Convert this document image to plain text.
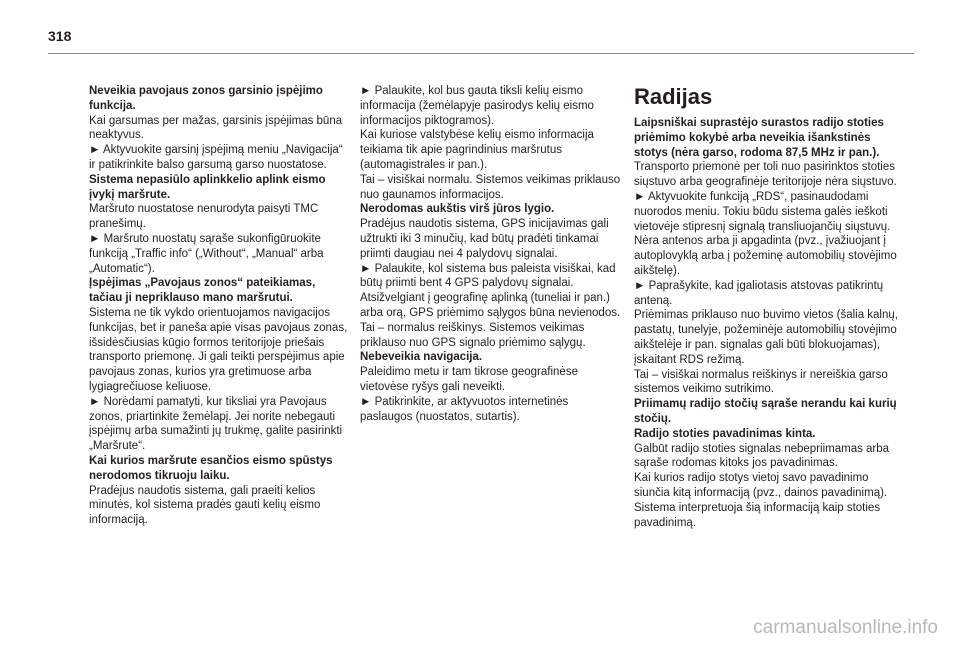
318

Neveikia pavojaus zonos garsinio įspėjimo funkcija.

Kai garsumas per mažas, garsinis įspėjimas būna neaktyvus.

► Aktyvuokite garsinį įspėjimą meniu „Navigacija“ ir patikrinkite balso garsumą garso nuostatose.

Sistema nepasiūlo aplinkkelio aplink eismo įvykį maršrute.

Maršruto nuostatose nenurodyta paisyti TMC pranešimų.

► Maršruto nuostatų sąraše sukonfigūruokite funkciją „Traffic info“ („Without“, „Manual“ arba „Automatic“).

Įspėjimas „Pavojaus zonos“ pateikiamas, tačiau ji nepriklauso mano maršrutui.

Sistema ne tik vykdo orientuojamos navigacijos funkcijas, bet ir paneša apie visas pavojaus zonas, išsidėsčiusias kūgio formos teritorijoje priešais transporto priemonę. Ji gali teikti perspėjimus apie pavojaus zonas, kurios yra gretimuose arba lygiagrečiuose keliuose.

► Norėdami pamatyti, kur tiksliai yra Pavojaus zonos, priartinkite žemėlapį. Jei norite nebegauti įspėjimų arba sumažinti jų trukmę, galite pasirinkti „Maršrute“.

Kai kurios maršrute esančios eismo spūstys nerodomos tikruoju laiku.

Pradėjus naudotis sistema, gali praeiti kelios minutės, kol sistema pradės gauti kelių eismo informaciją.

► Palaukite, kol bus gauta tiksli kelių eismo informacija (žemėlapyje pasirodys kelių eismo informacijos piktogramos).

Kai kuriose valstybėse kelių eismo informacija teikiama tik apie pagrindinius maršrutus (automagistrales ir pan.).

Tai – visiškai normalu. Sistemos veikimas priklauso nuo gaunamos informacijos.

Nerodomas aukštis virš jūros lygio.

Pradėjus naudotis sistema, GPS inicijavimas gali užtrukti iki 3 minučių, kad būtų pradėti tinkamai priimti daugiau nei 4 palydovų signalai.

► Palaukite, kol sistema bus paleista visiškai, kad būtų priimti bent 4 GPS palydovų signalai.

Atsižvelgiant į geografinę aplinką (tuneliai ir pan.) arba orą, GPS priėmimo sąlygos būna nevienodos.

Tai – normalus reiškinys. Sistemos veikimas priklauso nuo GPS signalo priėmimo sąlygų.

Nebeveikia navigacija.

Paleidimo metu ir tam tikrose geografinėse vietovėse ryšys gali neveikti.

► Patikrinkite, ar aktyvuotos internetinės paslaugos (nuostatos, sutartis).

Radijas

Laipsniškai suprastėjo surastos radijo stoties priėmimo kokybė arba neveikia išankstinės stotys (nėra garso, rodoma 87,5 MHz ir pan.).

Transporto priemonė per toli nuo pasirinktos stoties siųstuvo arba geografinėje teritorijoje nėra siųstuvo.

► Aktyvuokite funkciją „RDS“, pasinaudodami nuorodos meniu. Tokiu būdu sistema galės ieškoti vietovėje stipresnį signalą transliuojančių siųstuvų.

Nėra antenos arba ji apgadinta (pvz., įvažiuojant į autoplovyklą arba į požeminę automobilių stovėjimo aikštelę).

► Paprašykite, kad įgaliotasis atstovas patikrintų anteną.

Priėmimas priklauso nuo buvimo vietos (šalia kalnų, pastatų, tunelyje, požeminėje automobilių stovėjimo aikštelėje ir pan. signalas gali būti blokuojamas), įskaitant RDS režimą.

Tai – visiškai normalus reiškinys ir nereiškia garso sistemos veikimo sutrikimo.

Priimamų radijo stočių sąraše nerandu kai kurių stočių.

Radijo stoties pavadinimas kinta.

Galbūt radijo stoties signalas nebepriimamas arba sąraše rodomas kitoks jos pavadinimas.

Kai kurios radijo stotys vietoj savo pavadinimo siunčia kitą informaciją (pvz., dainos pavadinimą).

Sistema interpretuoja šią informaciją kaip stoties pavadinimą.

carmanualsonline.info
